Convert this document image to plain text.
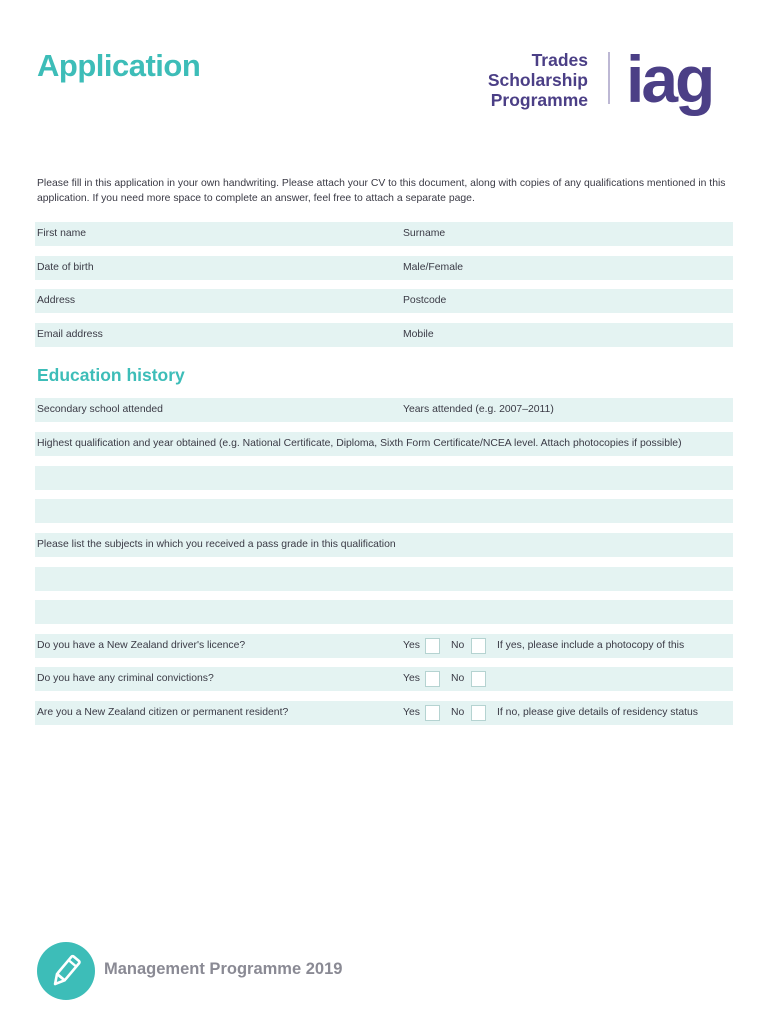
Application	Trades
Scholarship
Programme iag
Please fill in this application in your own handwriting. Please attach your CV to this document, along with copies of any qualifications mentioned in this application. If you need more space to complete an answer, feel free to attach a separate page.
First name	Surname
Date of birth	Male/Female
Address	Postcode
Email address	Mobile
Education history
Secondary school attended	Years attended (e.g. 2007–2011)
Highest qualification and year obtained (e.g. National Certificate, Diploma, Sixth Form Certificate/NCEA level. Attach photocopies if possible)
Please list the subjects in which you received a pass grade in this qualification
Do you have a New Zealand driver's licence?	Yes	No	If yes, please include a photocopy of this
Do you have any criminal convictions?	Yes	No
Are you a New Zealand citizen or permanent resident?	Yes	No	If no, please give details of residency status
Management Programme 2019
